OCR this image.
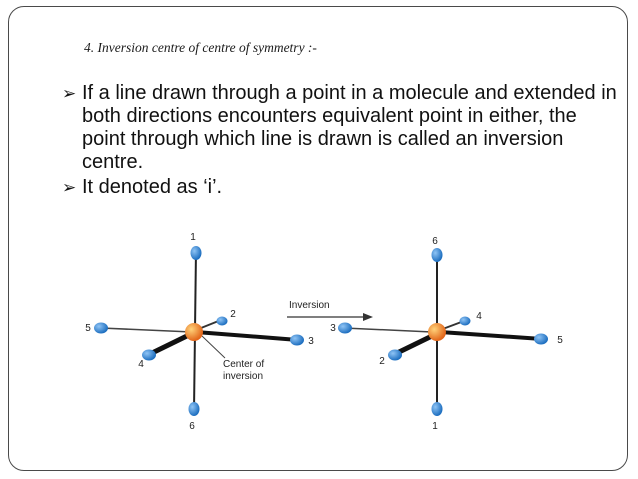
4. Inversion centre of centre of symmetry :-
➢ If a line drawn through a point in a molecule and extended in both directions encounters equivalent point in either, the point through which line is drawn is called an inversion centre.
➢ It denoted as ‘i’.
1
6
5
3
4
2
Center of
inversion
Inversion
6
1
3
5
2
4
